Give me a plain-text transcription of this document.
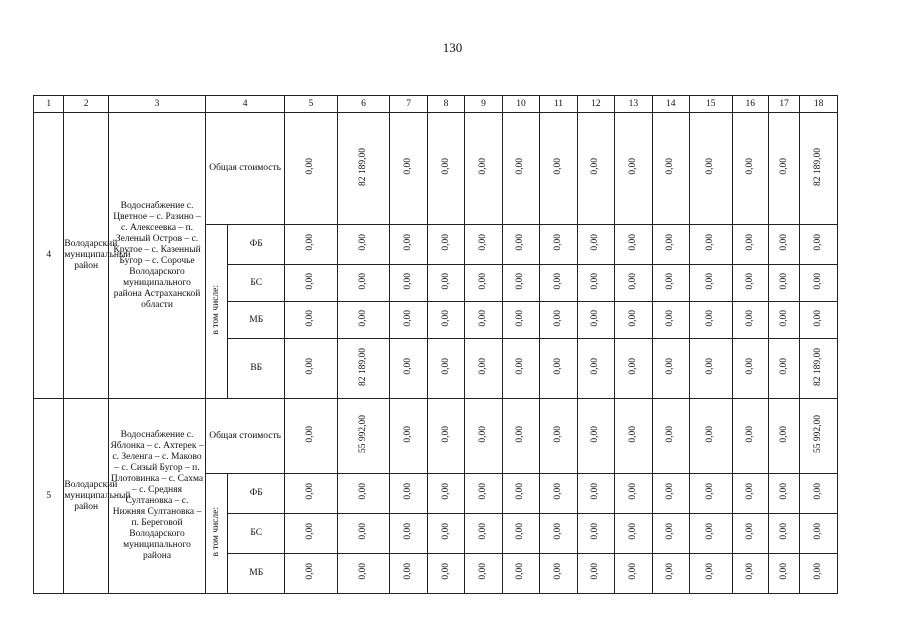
130
1	2	3	4		5	6	7	8	9	10	11	12	13	14	15	16	17	18
4	Володарский муниципальный район	Водоснабжение с. Цветное – с. Разино – с. Алексеевка – п. Зеленый Остров – с. Крутое – с. Казенный Бугор – с. Сорочье Володарского муниципального района Астраханской области	Общая стоимость		0,00	82 189,00	0,00	0,00	0,00	0,00	0,00	0,00	0,00	0,00	0,00	0,00	0,00	82 189,00
			в том числе:	ФБ	0,00	0,00	0,00	0,00	0,00	0,00	0,00	0,00	0,00	0,00	0,00	0,00	0,00	0,00
				БС	0,00	0,00	0,00	0,00	0,00	0,00	0,00	0,00	0,00	0,00	0,00	0,00	0,00	0,00
				МБ	0,00	0,00	0,00	0,00	0,00	0,00	0,00	0,00	0,00	0,00	0,00	0,00	0,00	0,00
				ВБ	0,00	82 189,00	0,00	0,00	0,00	0,00	0,00	0,00	0,00	0,00	0,00	0,00	0,00	82 189,00
5	Володарский муниципальный район	Водоснабжение с. Яблонка – с. Ахтерек – с. Зеленга – с. Маково – с. Сизый Бугор – п. Плотовинка – с. Сахма – с. Средняя Султановка – с. Нижняя Султановка – п. Береговой Володарского муниципального района	Общая стоимость		0,00	55 992,00	0,00	0,00	0,00	0,00	0,00	0,00	0,00	0,00	0,00	0,00	0,00	55 992,00
			в том числе:	ФБ	0,00	0,00	0,00	0,00	0,00	0,00	0,00	0,00	0,00	0,00	0,00	0,00	0,00	0,00
				БС	0,00	0,00	0,00	0,00	0,00	0,00	0,00	0,00	0,00	0,00	0,00	0,00	0,00	0,00
				МБ	0,00	0,00	0,00	0,00	0,00	0,00	0,00	0,00	0,00	0,00	0,00	0,00	0,00	0,00
